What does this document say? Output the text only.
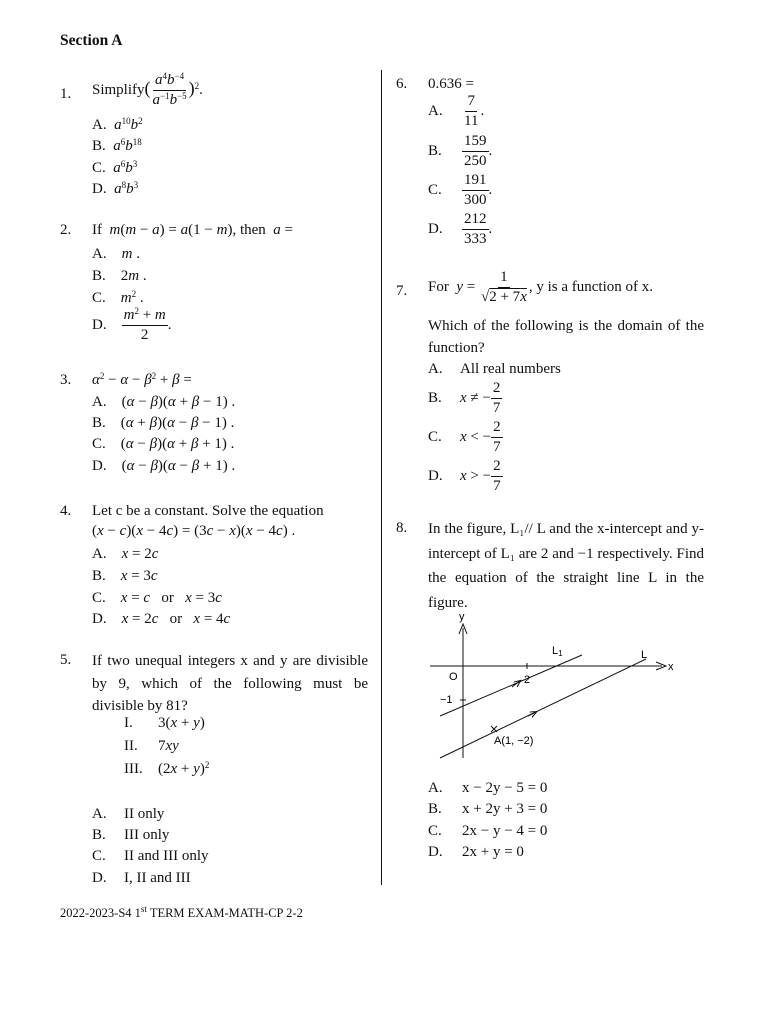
Section A
1. Simplify( $\frac{a^4b^{-4}}{a^{-1}b^{-5}} )^2$.
A. $a^{10}b^2$
B. $a^6b^{18}$
C. $a^6b^3$
D. $a^8b^3$
2. If m(m − a) = a(1 − m), then a =
A. m .
B.    2m .
C. $m^2$ .
D. $\frac{m^2 + m}{2}$ .
3. $\alpha^2 - \alpha - \beta^2 + \beta$ =
A.    (α − β)(α + β − 1) .
B.    (α + β)(α − β − 1) .
C.    (α − β)(α + β + 1) .
D.    (α − β)(α − β + 1) .
4. Let c be a constant. Solve the equation
(x − c)(x − 4c) = (3c − x)(x − 4c) .
A. x = 2c
B. x = 3c
C. x = c or x = 3c
D. x = 2c or x = 4c
5. If two unequal integers x and y are divisible by 9, which of the following must be divisible by 81?
I. 3(x + y)
II. 7xy
III. $(2x + y)^2$
A. II only
B. III only
C. II and III only
D. I, II and III
6. 0.636 =
A. $\frac{7}{11}$ .
B. $\frac{159}{250}$ .
C. $\frac{191}{300}$ .
D. $\frac{212}{333}$ .
7. For $y = \frac{1}{√2 + 7x}$ , y is a function of x.
Which of the following is the domain of the function?
A. All real numbers
B. x ≠ − $\frac{2}{7}$
C. x < − $\frac{2}{7}$
D. x > − $\frac{2}{7}$
8. In the figure, L₁// L and the x-intercept and y-intercept of L₁ are 2 and −1 respectively. Find the equation of the straight line L in the figure.
y
x
O
−1
2
L1	L
A(1, −2)
A. x − 2y − 5 = 0
B. x + 2y + 3 = 0
C. 2x − y − 4 = 0
D. 2x + y = 0
2022-2023-S4 1st TERM EXAM-MATH-CP 2-2
